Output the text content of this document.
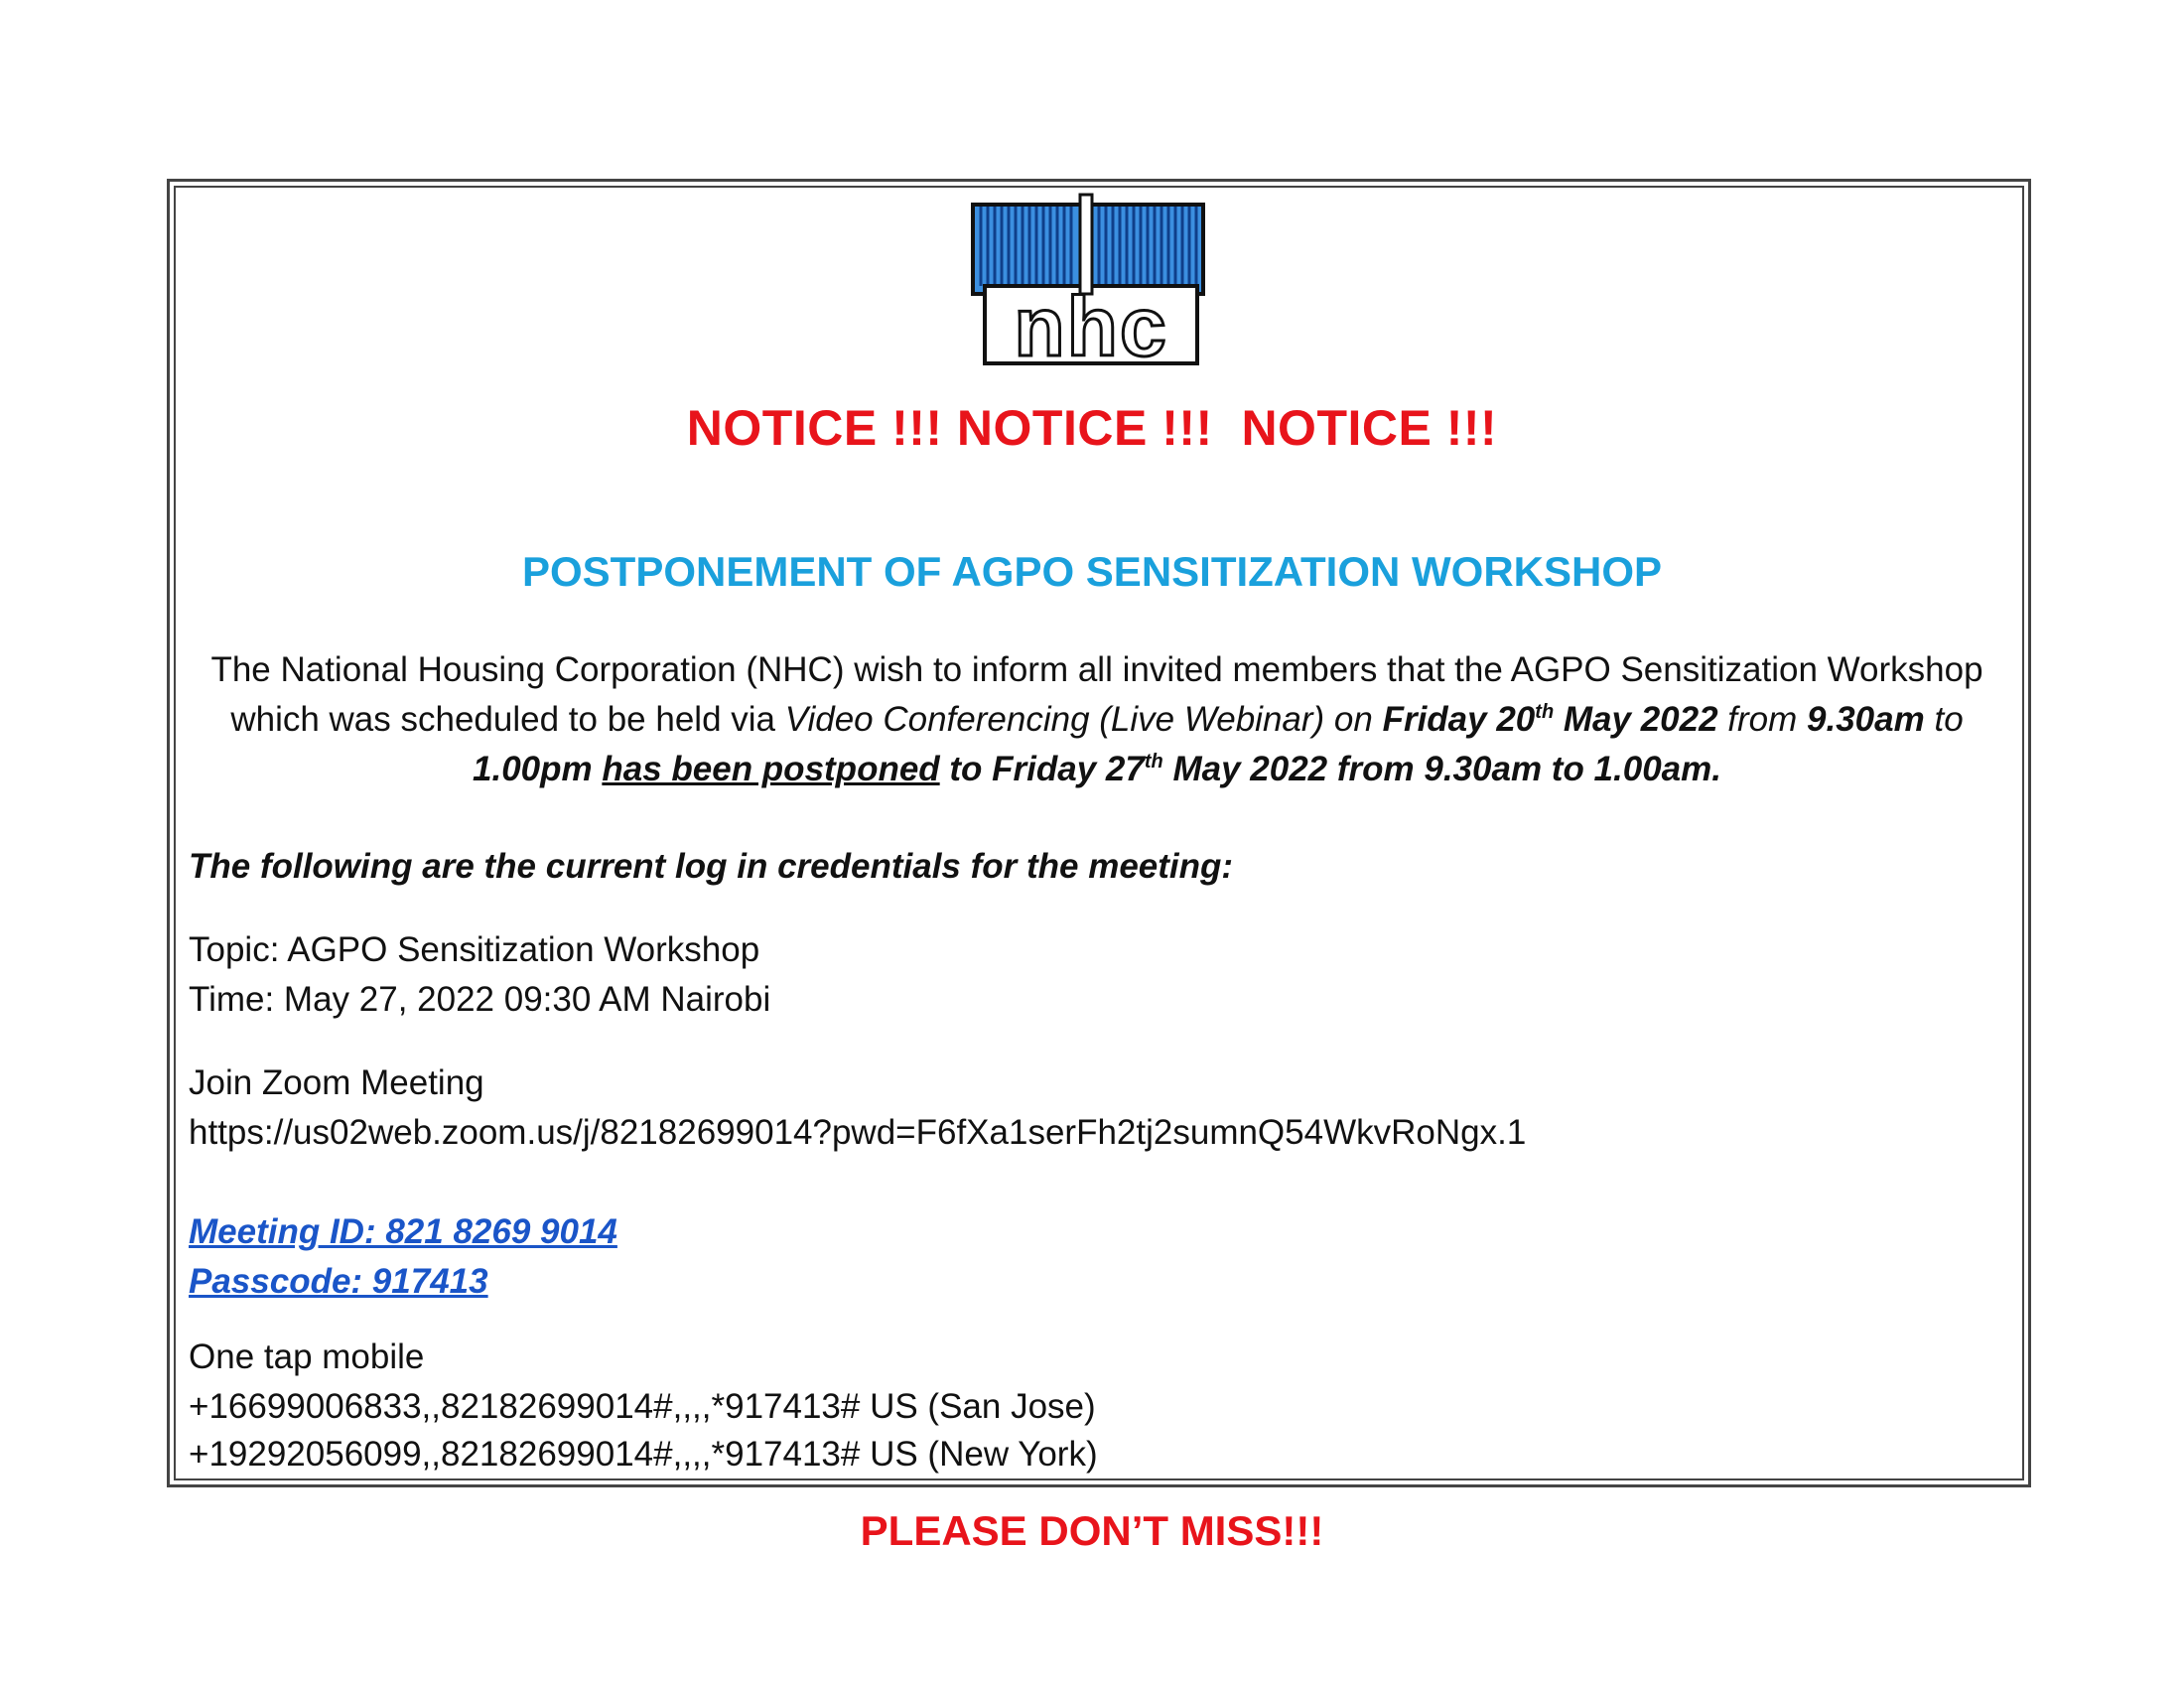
nhc
NOTICE !!! NOTICE !!!  NOTICE !!!
POSTPONEMENT OF AGPO SENSITIZATION WORKSHOP
The National Housing Corporation (NHC) wish to inform all invited members that the AGPO Sensitization Workshop which was scheduled to be held via Video Conferencing (Live Webinar) on Friday 20th May 2022 from 9.30am to 1.00pm has been postponed to Friday 27th May 2022 from 9.30am to 1.00am.
The following are the current log in credentials for the meeting:
Topic: AGPO Sensitization Workshop
Time: May 27, 2022 09:30 AM Nairobi
Join Zoom Meeting
https://us02web.zoom.us/j/82182699014?pwd=F6fXa1serFh2tj2sumnQ54WkvRoNgx.1
Meeting ID: 821 8269 9014
Passcode: 917413
One tap mobile
+16699006833,,82182699014#,,,,*917413# US (San Jose)
+19292056099,,82182699014#,,,,*917413# US (New York)
PLEASE DON’T MISS!!!
